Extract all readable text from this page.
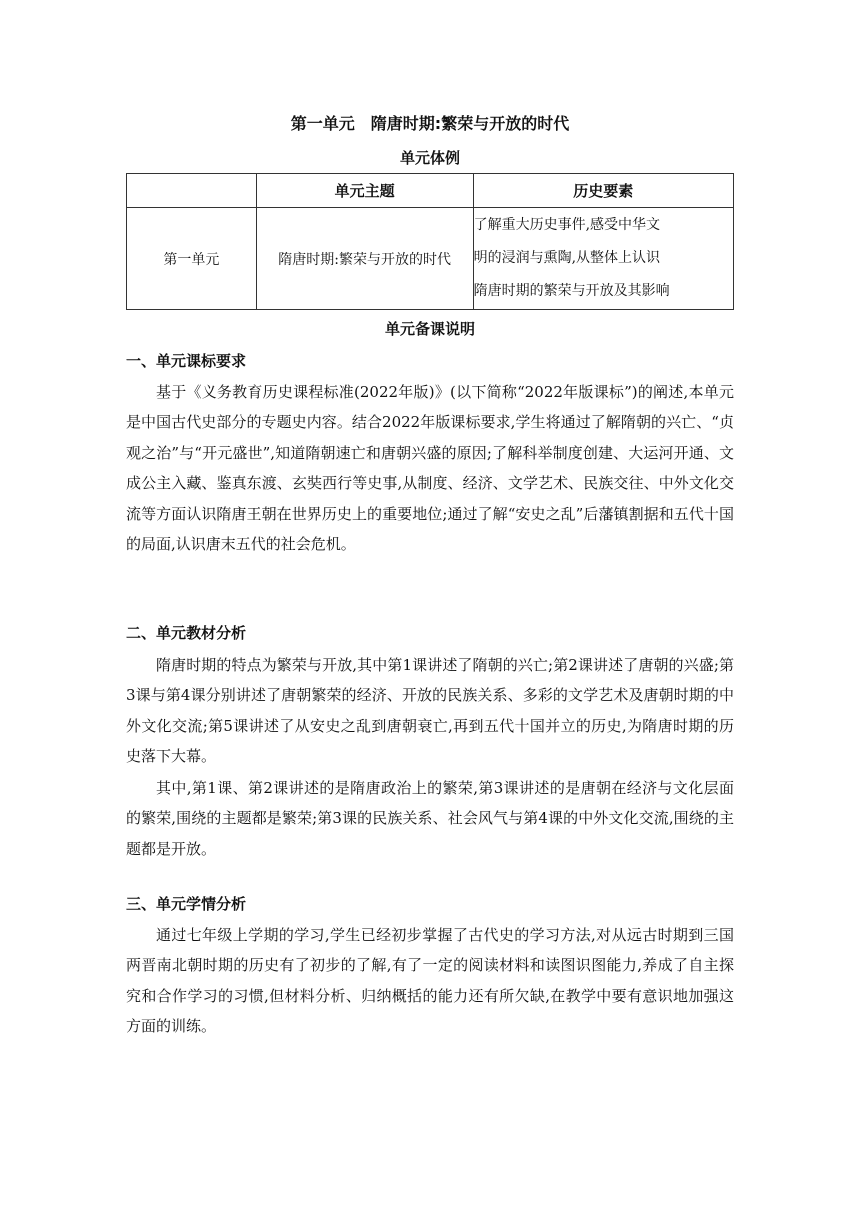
第一单元　隋唐时期:繁荣与开放的时代
单元体例
	单元主题	历史要素
第一单元	隋唐时期:繁荣与开放的时代	了解重大历史事件,感受中华文
明的浸润与熏陶,从整体上认识
隋唐时期的繁荣与开放及其影响
单元备课说明
一、单元课标要求

基于《义务教育历史课程标准(2022年版)》(以下简称“2022年版课标”)的阐述,本单元是中国古代史部分的专题史内容。结合2022年版课标要求,学生将通过了解隋朝的兴亡、“贞观之治”与“开元盛世”,知道隋朝速亡和唐朝兴盛的原因;了解科举制度创建、大运河开通、文成公主入藏、鉴真东渡、玄奘西行等史事,从制度、经济、文学艺术、民族交往、中外文化交流等方面认识隋唐王朝在世界历史上的重要地位;通过了解“安史之乱”后藩镇割据和五代十国的局面,认识唐末五代的社会危机。

二、单元教材分析

隋唐时期的特点为繁荣与开放,其中第1课讲述了隋朝的兴亡;第2课讲述了唐朝的兴盛;第3课与第4课分别讲述了唐朝繁荣的经济、开放的民族关系、多彩的文学艺术及唐朝时期的中外文化交流;第5课讲述了从安史之乱到唐朝衰亡,再到五代十国并立的历史,为隋唐时期的历史落下大幕。

其中,第1课、第2课讲述的是隋唐政治上的繁荣,第3课讲述的是唐朝在经济与文化层面的繁荣,围绕的主题都是繁荣;第3课的民族关系、社会风气与第4课的中外文化交流,围绕的主题都是开放。

三、单元学情分析

通过七年级上学期的学习,学生已经初步掌握了古代史的学习方法,对从远古时期到三国两晋南北朝时期的历史有了初步的了解,有了一定的阅读材料和读图识图能力,养成了自主探究和合作学习的习惯,但材料分析、归纳概括的能力还有所欠缺,在教学中要有意识地加强这方面的训练。
